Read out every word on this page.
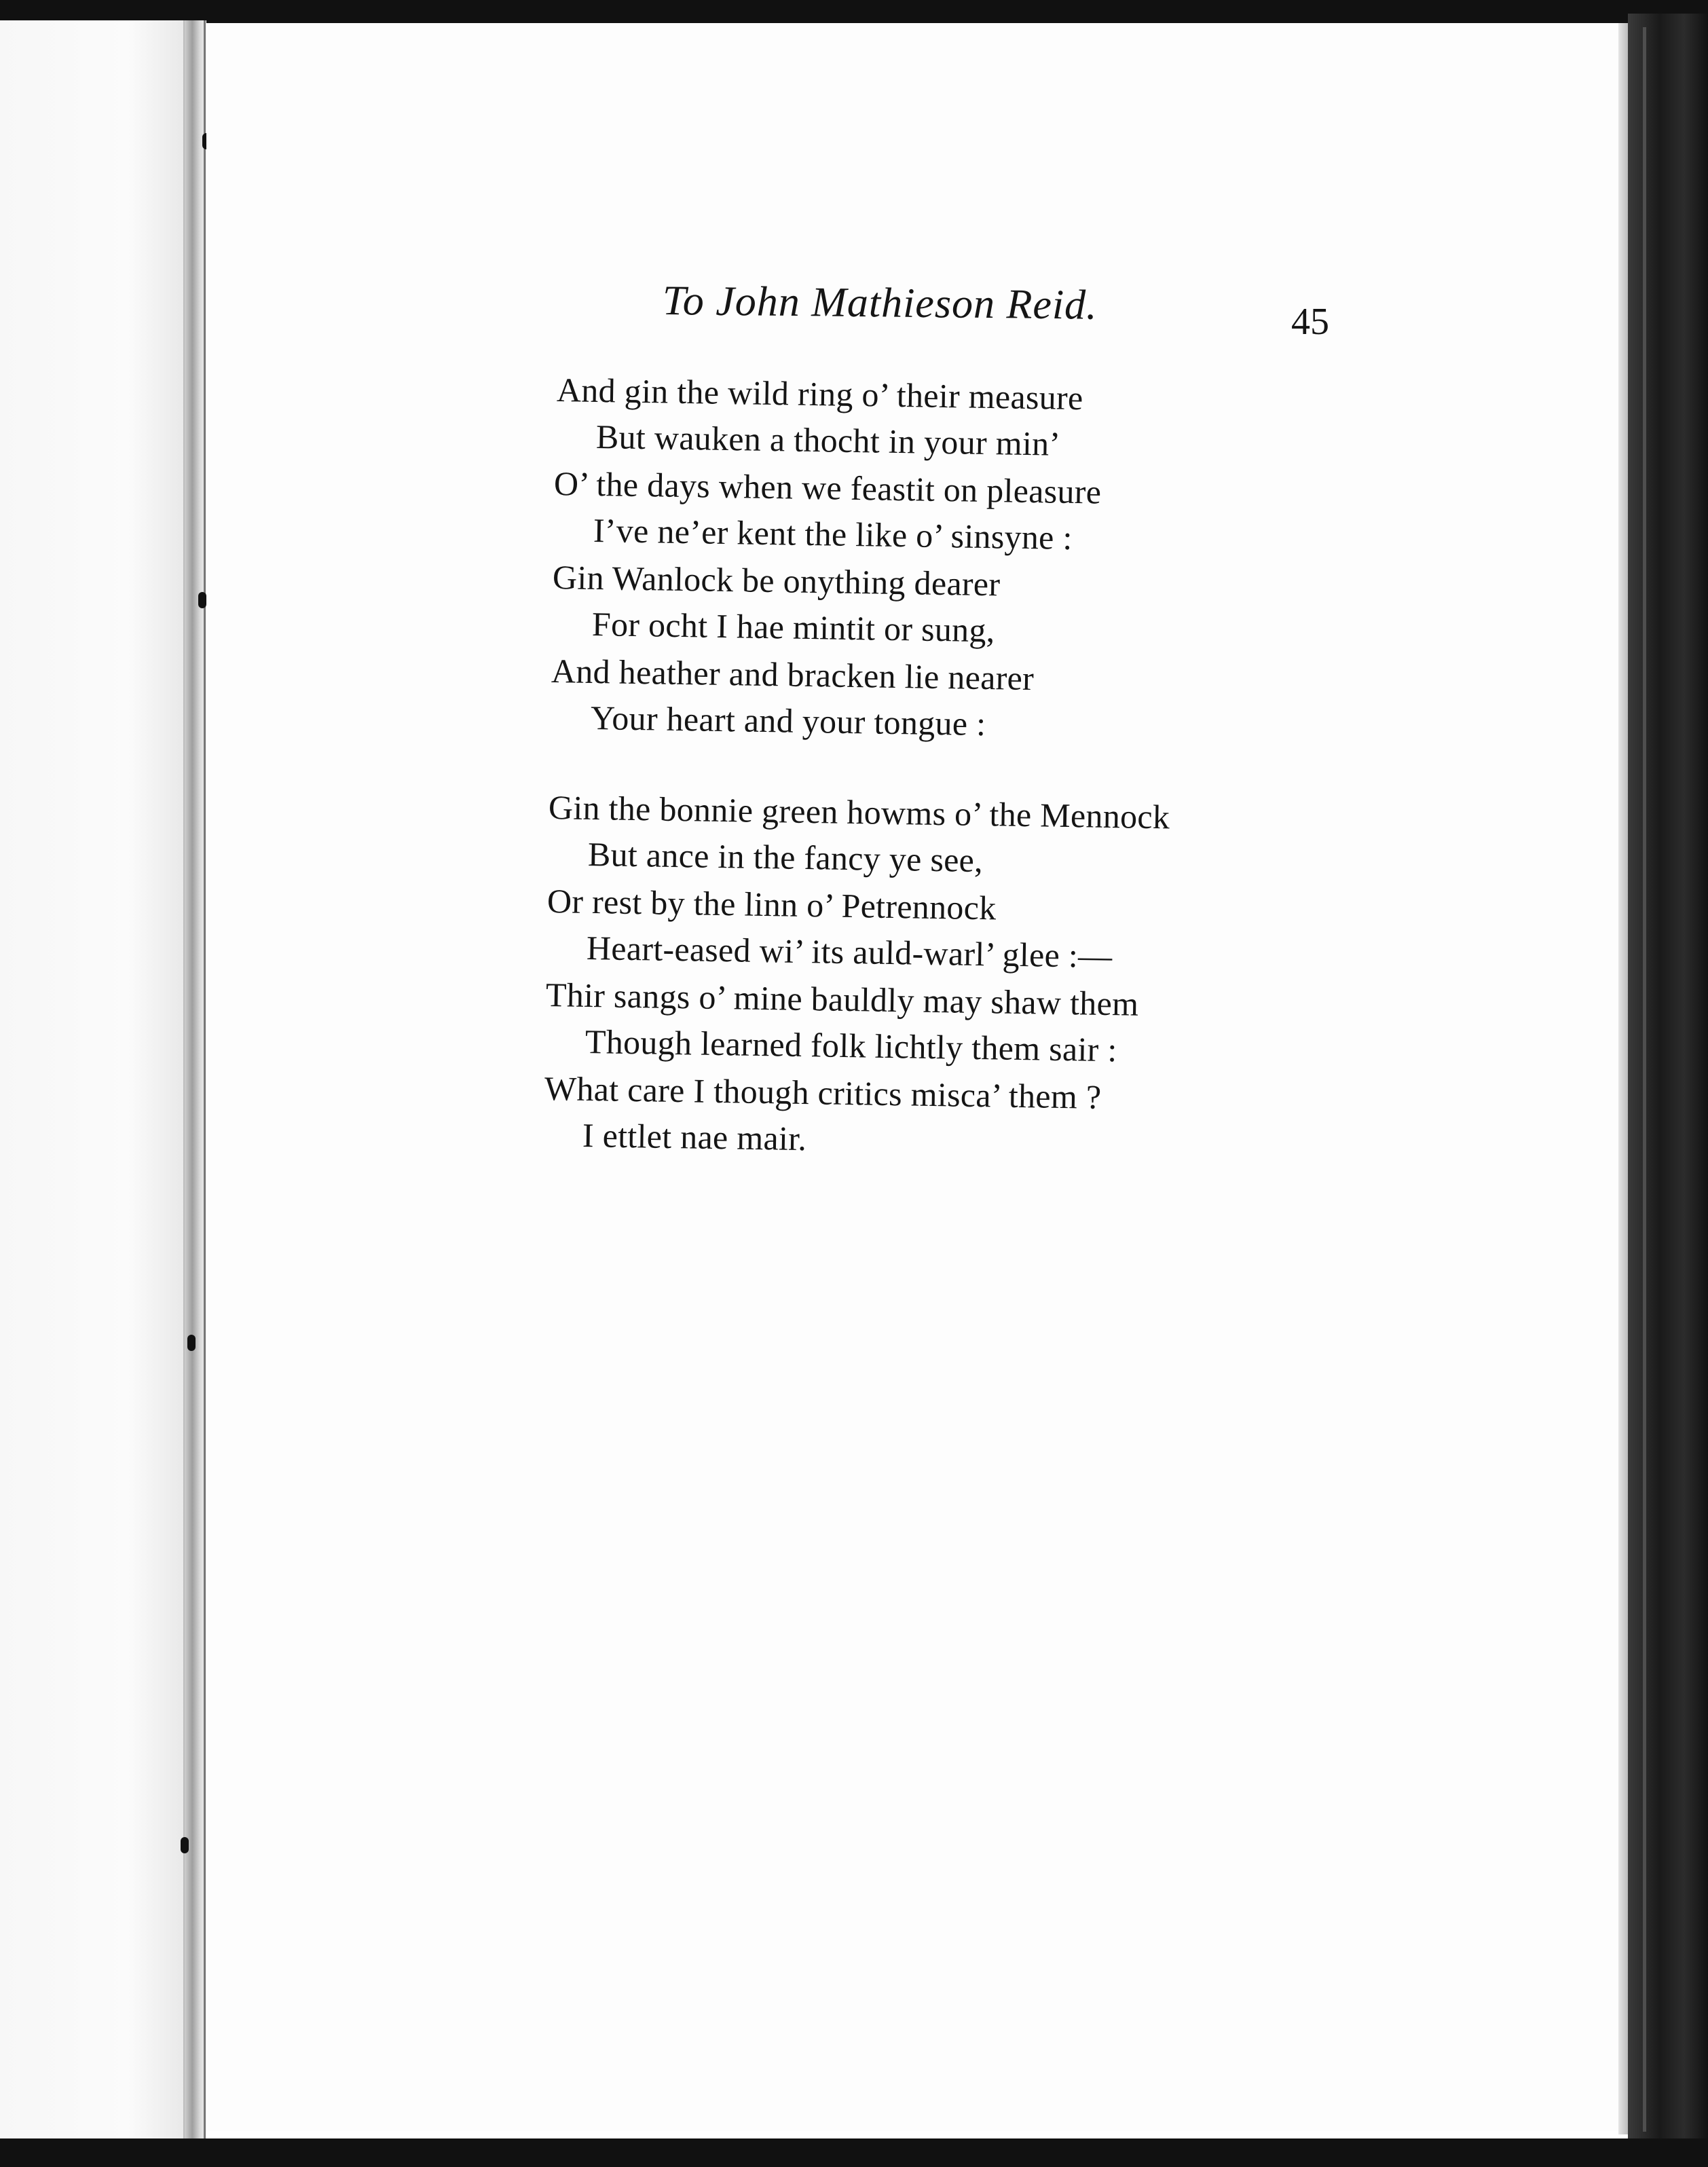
To John Mathieson Reid.	45
And gin the wild ring o’ their measure
But wauken a thocht in your min’
O’ the days when we feastit on pleasure
I’ve ne’er kent the like o’ sinsyne :
Gin Wanlock be onything dearer
For ocht I hae mintit or sung,
And heather and bracken lie nearer
Your heart and your tongue :
Gin the bonnie green howms o’ the Mennock
But ance in the fancy ye see,
Or rest by the linn o’ Petrennock
Heart-eased wi’ its auld-warl’ glee :—
Thir sangs o’ mine bauldly may shaw them
Though learned folk lichtly them sair :
What care I though critics misca’ them ?
I ettlet nae mair.
